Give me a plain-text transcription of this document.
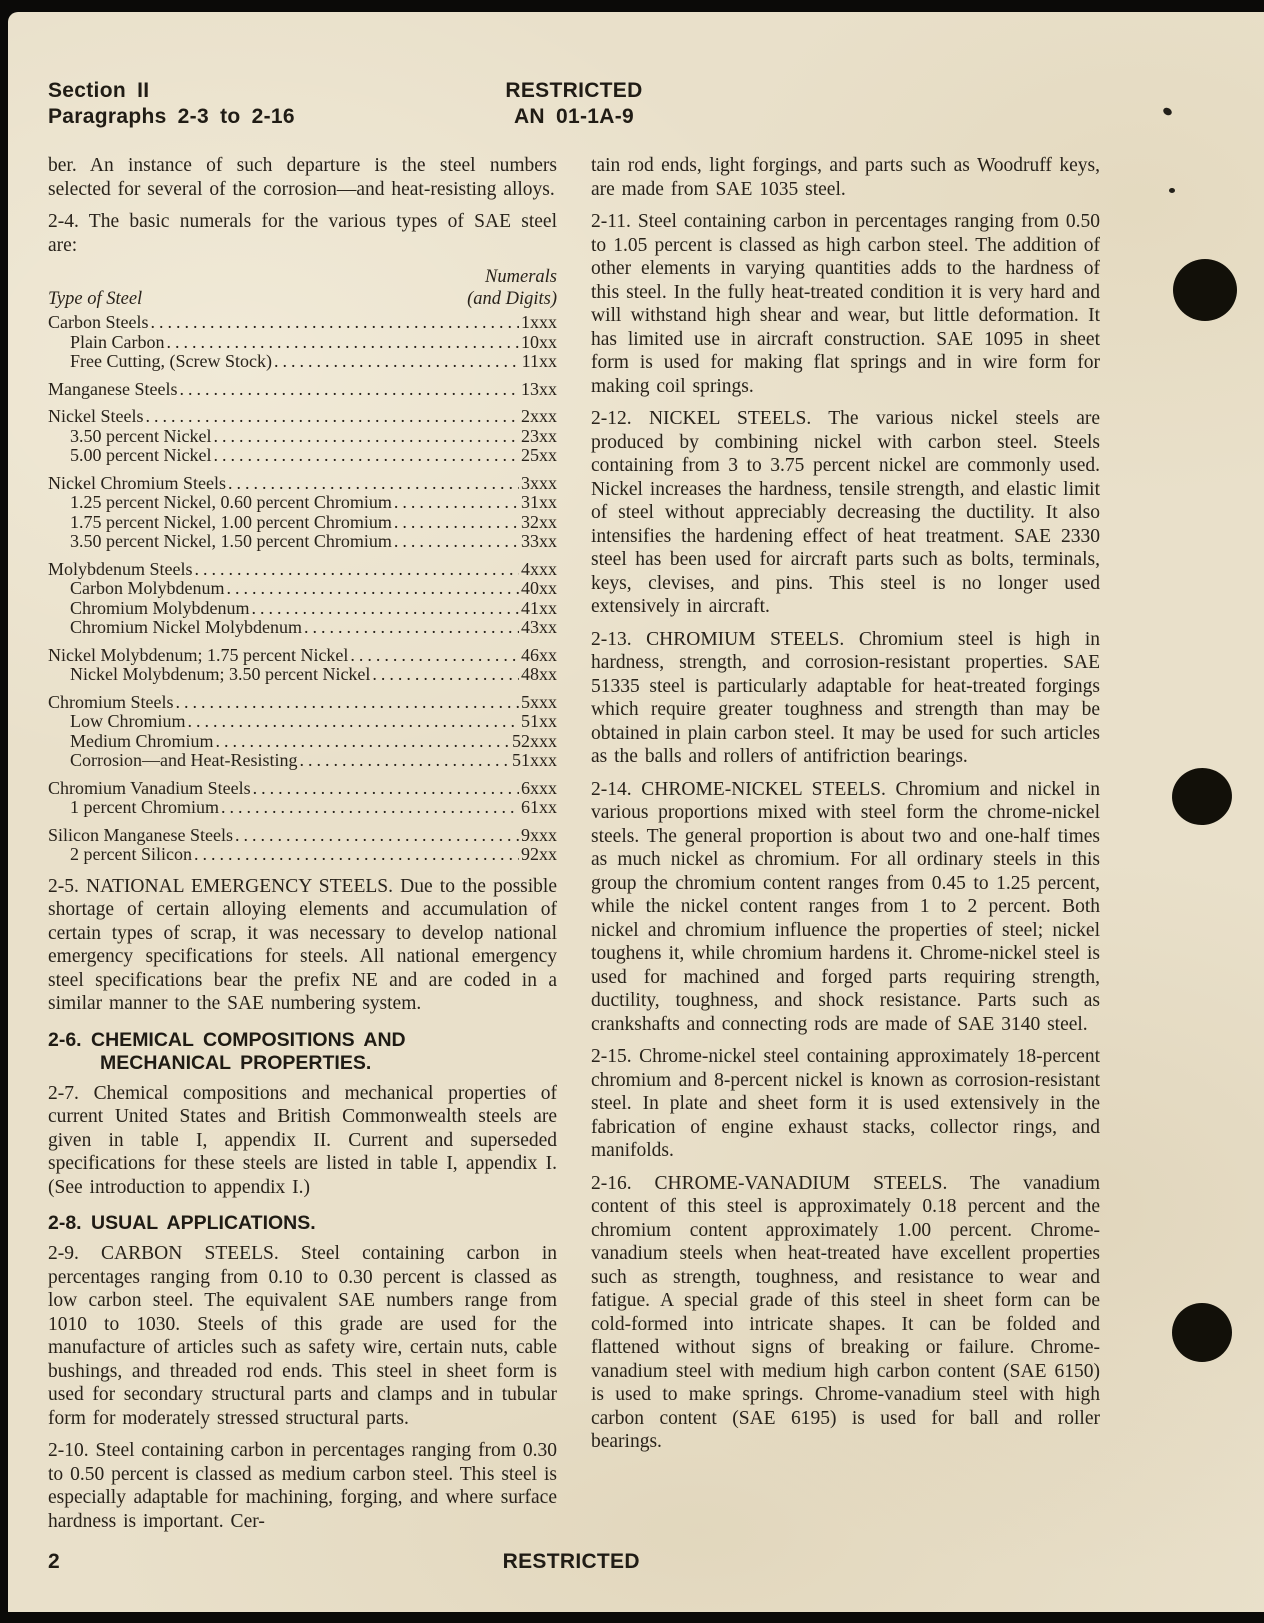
Section II
Paragraphs 2-3 to 2-16
RESTRICTED
AN 01-1A-9

ber. An instance of such departure is the steel numbers selected for several of the corrosion—and heat-resisting alloys.

2-4. The basic numerals for the various types of SAE steel are:

Numerals
Type of Steel	(and Digits)
Carbon Steels .....	1xxx
Plain Carbon .....	10xx
Free Cutting, (Screw Stock) .....	11xx
Manganese Steels .....	13xx
Nickel Steels .....	2xxx
3.50 percent Nickel .....	23xx
5.00 percent Nickel .....	25xx
Nickel Chromium Steels .....	3xxx
1.25 percent Nickel, 0.60 percent Chromium .....	31xx
1.75 percent Nickel, 1.00 percent Chromium .....	32xx
3.50 percent Nickel, 1.50 percent Chromium .....	33xx
Molybdenum Steels .....	4xxx
Carbon Molybdenum .....	40xx
Chromium Molybdenum .....	41xx
Chromium Nickel Molybdenum .....	43xx
Nickel Molybdenum; 1.75 percent Nickel .....	46xx
Nickel Molybdenum; 3.50 percent Nickel .....	48xx
Chromium Steels .....	5xxx
Low Chromium .....	51xx
Medium Chromium .....	52xxx
Corrosion—and Heat-Resisting .....	51xxx
Chromium Vanadium Steels .....	6xxx
1 percent Chromium .....	61xx
Silicon Manganese Steels .....	9xxx
2 percent Silicon .....	92xx

2-5. NATIONAL EMERGENCY STEELS. Due to the possible shortage of certain alloying elements and accumulation of certain types of scrap, it was necessary to develop national emergency specifications for steels. All national emergency steel specifications bear the prefix NE and are coded in a similar manner to the SAE numbering system.

2-6. CHEMICAL COMPOSITIONS AND
MECHANICAL PROPERTIES.

2-7. Chemical compositions and mechanical properties of current United States and British Commonwealth steels are given in table I, appendix II. Current and superseded specifications for these steels are listed in table I, appendix I. (See introduction to appendix I.)

2-8. USUAL APPLICATIONS.

2-9. CARBON STEELS. Steel containing carbon in percentages ranging from 0.10 to 0.30 percent is classed as low carbon steel. The equivalent SAE numbers range from 1010 to 1030. Steels of this grade are used for the manufacture of articles such as safety wire, certain nuts, cable bushings, and threaded rod ends. This steel in sheet form is used for secondary structural parts and clamps and in tubular form for moderately stressed structural parts.

2-10. Steel containing carbon in percentages ranging from 0.30 to 0.50 percent is classed as medium carbon steel. This steel is especially adaptable for machining, forging, and where surface hardness is important. Cer-

tain rod ends, light forgings, and parts such as Woodruff keys, are made from SAE 1035 steel.

2-11. Steel containing carbon in percentages ranging from 0.50 to 1.05 percent is classed as high carbon steel. The addition of other elements in varying quantities adds to the hardness of this steel. In the fully heat-treated condition it is very hard and will withstand high shear and wear, but little deformation. It has limited use in aircraft construction. SAE 1095 in sheet form is used for making flat springs and in wire form for making coil springs.

2-12. NICKEL STEELS. The various nickel steels are produced by combining nickel with carbon steel. Steels containing from 3 to 3.75 percent nickel are commonly used. Nickel increases the hardness, tensile strength, and elastic limit of steel without appreciably decreasing the ductility. It also intensifies the hardening effect of heat treatment. SAE 2330 steel has been used for aircraft parts such as bolts, terminals, keys, clevises, and pins. This steel is no longer used extensively in aircraft.

2-13. CHROMIUM STEELS. Chromium steel is high in hardness, strength, and corrosion-resistant properties. SAE 51335 steel is particularly adaptable for heat-treated forgings which require greater toughness and strength than may be obtained in plain carbon steel. It may be used for such articles as the balls and rollers of antifriction bearings.

2-14. CHROME-NICKEL STEELS. Chromium and nickel in various proportions mixed with steel form the chrome-nickel steels. The general proportion is about two and one-half times as much nickel as chromium. For all ordinary steels in this group the chromium content ranges from 0.45 to 1.25 percent, while the nickel content ranges from 1 to 2 percent. Both nickel and chromium influence the properties of steel; nickel toughens it, while chromium hardens it. Chrome-nickel steel is used for machined and forged parts requiring strength, ductility, toughness, and shock resistance. Parts such as crankshafts and connecting rods are made of SAE 3140 steel.

2-15. Chrome-nickel steel containing approximately 18-percent chromium and 8-percent nickel is known as corrosion-resistant steel. In plate and sheet form it is used extensively in the fabrication of engine exhaust stacks, collector rings, and manifolds.

2-16. CHROME-VANADIUM STEELS. The vanadium content of this steel is approximately 0.18 percent and the chromium content approximately 1.00 percent. Chrome-vanadium steels when heat-treated have excellent properties such as strength, toughness, and resistance to wear and fatigue. A special grade of this steel in sheet form can be cold-formed into intricate shapes. It can be folded and flattened without signs of breaking or failure. Chrome-vanadium steel with medium high carbon content (SAE 6150) is used to make springs. Chrome-vanadium steel with high carbon content (SAE 6195) is used for ball and roller bearings.

2	RESTRICTED
